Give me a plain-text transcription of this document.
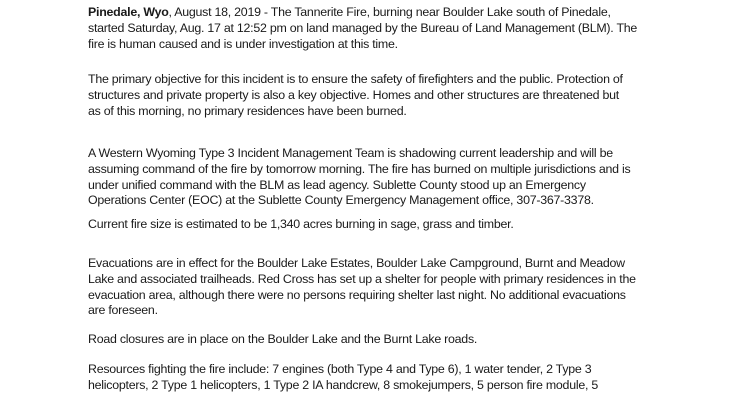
Pinedale, Wyo, August 18, 2019 - The Tannerite Fire, burning near Boulder Lake south of Pinedale,
started Saturday, Aug. 17 at 12:52 pm on land managed by the Bureau of Land Management (BLM). The
fire is human caused and is under investigation at this time.
The primary objective for this incident is to ensure the safety of firefighters and the public. Protection of
structures and private property is also a key objective. Homes and other structures are threatened but
as of this morning, no primary residences have been burned.
A Western Wyoming Type 3 Incident Management Team is shadowing current leadership and will be
assuming command of the fire by tomorrow morning. The fire has burned on multiple jurisdictions and is
under unified command with the BLM as lead agency. Sublette County stood up an Emergency
Operations Center (EOC) at the Sublette County Emergency Management office, 307-367-3378.
Current fire size is estimated to be 1,340 acres burning in sage, grass and timber.
Evacuations are in effect for the Boulder Lake Estates, Boulder Lake Campground, Burnt and Meadow
Lake and associated trailheads. Red Cross has set up a shelter for people with primary residences in the
evacuation area, although there were no persons requiring shelter last night. No additional evacuations
are foreseen.
Road closures are in place on the Boulder Lake and the Burnt Lake roads.
Resources fighting the fire include: 7 engines (both Type 4 and Type 6), 1 water tender, 2 Type 3
helicopters, 2 Type 1 helicopters, 1 Type 2 IA handcrew, 8 smokejumpers, 5 person fire module, 5
